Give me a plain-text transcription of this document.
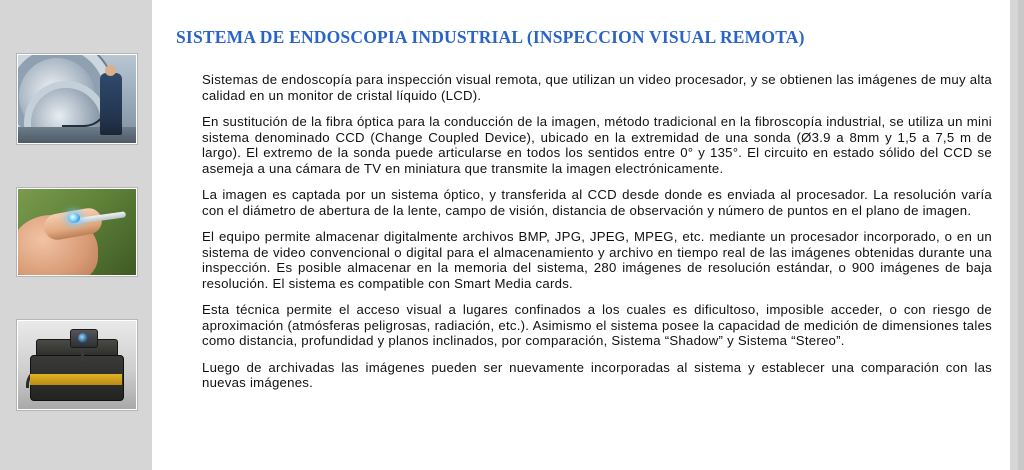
SISTEMA DE ENDOSCOPIA INDUSTRIAL (INSPECCION VISUAL REMOTA)

Sistemas de endoscopía para inspección visual remota, que utilizan un video procesador, y se obtienen las imágenes de muy alta calidad en un monitor de cristal líquido (LCD).

En sustitución de la fibra óptica para la conducción de la imagen, método tradicional en la fibroscopía industrial, se utiliza un mini sistema denominado CCD (Change Coupled Device), ubicado en la extremidad de una sonda (Ø3.9 a 8mm y 1,5 a 7,5 m de largo). El extremo de la sonda puede articularse en todos los sentidos entre 0° y 135°. El circuito en estado sólido del CCD se asemeja a una cámara de TV en miniatura que transmite la imagen electrónicamente.

La imagen es captada por un sistema óptico, y transferida al CCD desde donde es enviada al procesador. La resolución varía con el diámetro de abertura de la lente, campo de visión, distancia de observación y número de puntos en el plano de imagen.

El equipo permite almacenar digitalmente archivos BMP, JPG, JPEG, MPEG, etc. mediante un procesador incorporado, o en un sistema de video convencional o digital para el almacenamiento y archivo en tiempo real de las imágenes obtenidas durante una inspección. Es posible almacenar en la memoria del sistema, 280 imágenes de resolución estándar, o 900 imágenes de baja resolución. El sistema es compatible con Smart Media cards.

Esta técnica permite el acceso visual a lugares confinados a los cuales es dificultoso, imposible acceder, o con riesgo de aproximación (atmósferas peligrosas, radiación, etc.). Asimismo el sistema posee la capacidad de medición de dimensiones tales como distancia, profundidad y planos inclinados, por comparación, Sistema “Shadow” y Sistema “Stereo”.

Luego de archivadas las imágenes pueden ser nuevamente incorporadas al sistema y establecer una comparación con las nuevas imágenes.
